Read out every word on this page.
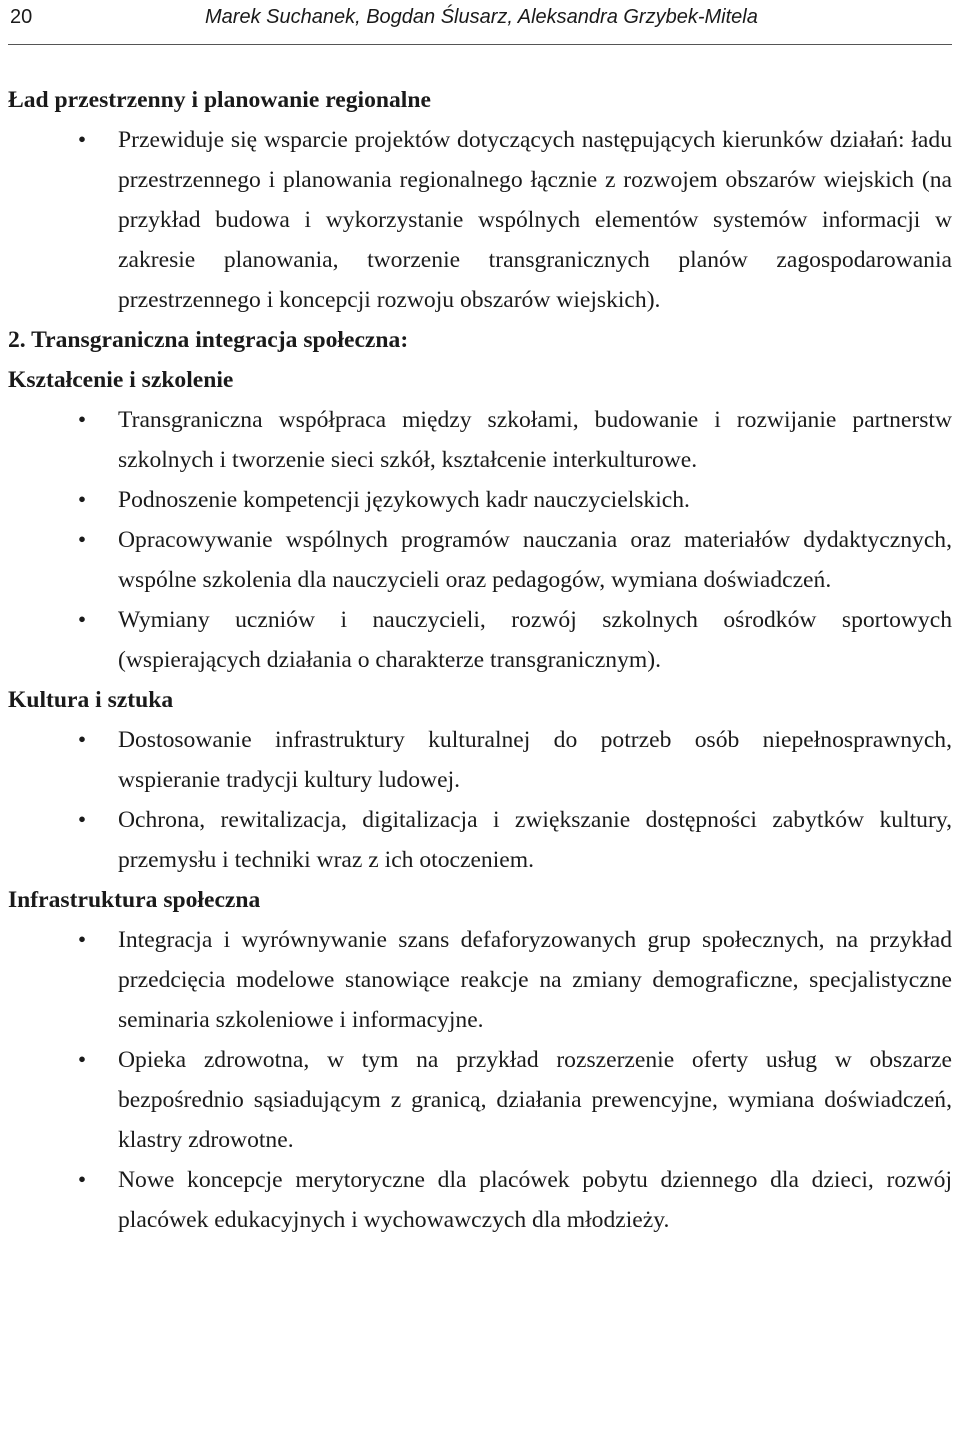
20	Marek Suchanek, Bogdan Ślusarz, Aleksandra Grzybek-Mitela
Ład przestrzenny i planowanie regionalne
• Przewiduje się wsparcie projektów dotyczących następujących kierunków działań: ładu przestrzennego i planowania regionalnego łącznie z rozwojem obszarów wiejskich (na przykład budowa i wykorzystanie wspólnych elementów systemów informacji w zakresie planowania, tworzenie transgranicznych planów zagospodarowania przestrzennego i koncepcji rozwoju obszarów wiejskich).
2. Transgraniczna integracja społeczna:
Kształcenie i szkolenie
• Transgraniczna współpraca między szkołami, budowanie i rozwijanie partnerstw szkolnych i tworzenie sieci szkół, kształcenie interkulturowe.
• Podnoszenie kompetencji językowych kadr nauczycielskich.
• Opracowywanie wspólnych programów nauczania oraz materiałów dydaktycznych, wspólne szkolenia dla nauczycieli oraz pedagogów, wymiana doświadczeń.
• Wymiany uczniów i nauczycieli, rozwój szkolnych ośrodków sportowych (wspierających działania o charakterze transgranicznym).
Kultura i sztuka
• Dostosowanie infrastruktury kulturalnej do potrzeb osób niepełnosprawnych, wspieranie tradycji kultury ludowej.
• Ochrona, rewitalizacja, digitalizacja i zwiększanie dostępności zabytków kultury, przemysłu i techniki wraz z ich otoczeniem.
Infrastruktura społeczna
• Integracja i wyrównywanie szans defaforyzowanych grup społecznych, na przykład przedcięcia modelowe stanowiące reakcje na zmiany demograficzne, specjalistyczne seminaria szkoleniowe i informacyjne.
• Opieka zdrowotna, w tym na przykład rozszerzenie oferty usług w obszarze bezpośrednio sąsiadującym z granicą, działania prewencyjne, wymiana doświadczeń, klastry zdrowotne.
• Nowe koncepcje merytoryczne dla placówek pobytu dziennego dla dzieci, rozwój placówek edukacyjnych i wychowawczych dla młodzieży.
